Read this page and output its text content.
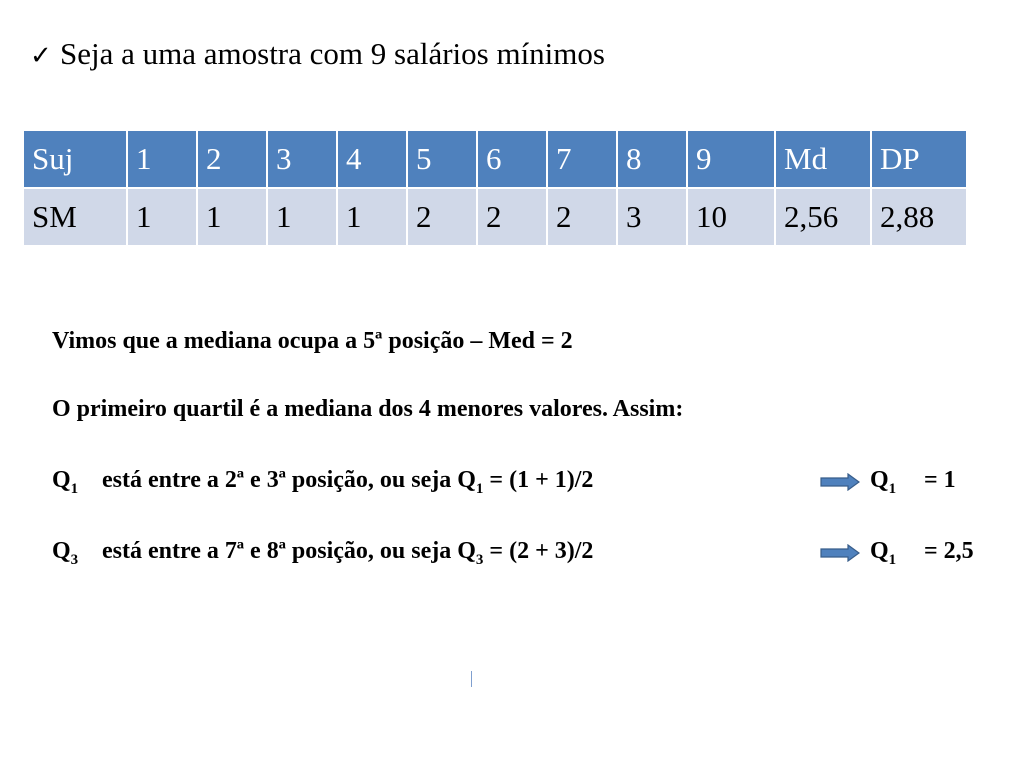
✓ Seja a uma amostra com 9 salários mínimos
Suj	1	2	3	4	5	6	7	8	9	Md	DP
SM	1	1	1	1	2	2	2	3	10	2,56	2,88
Vimos que a mediana ocupa a 5ª posição – Med = 2
O primeiro quartil é a mediana dos 4 menores valores. Assim:
$Q_1$ está entre a 2ª e 3ª posição, ou seja $Q_1 = (1 + 1)/2$	$Q_1 = 1$
$Q_3$ está entre a 7ª e 8ª posição, ou seja $Q_3 = (2 + 3)/2$	$Q_1 = 2,5$
